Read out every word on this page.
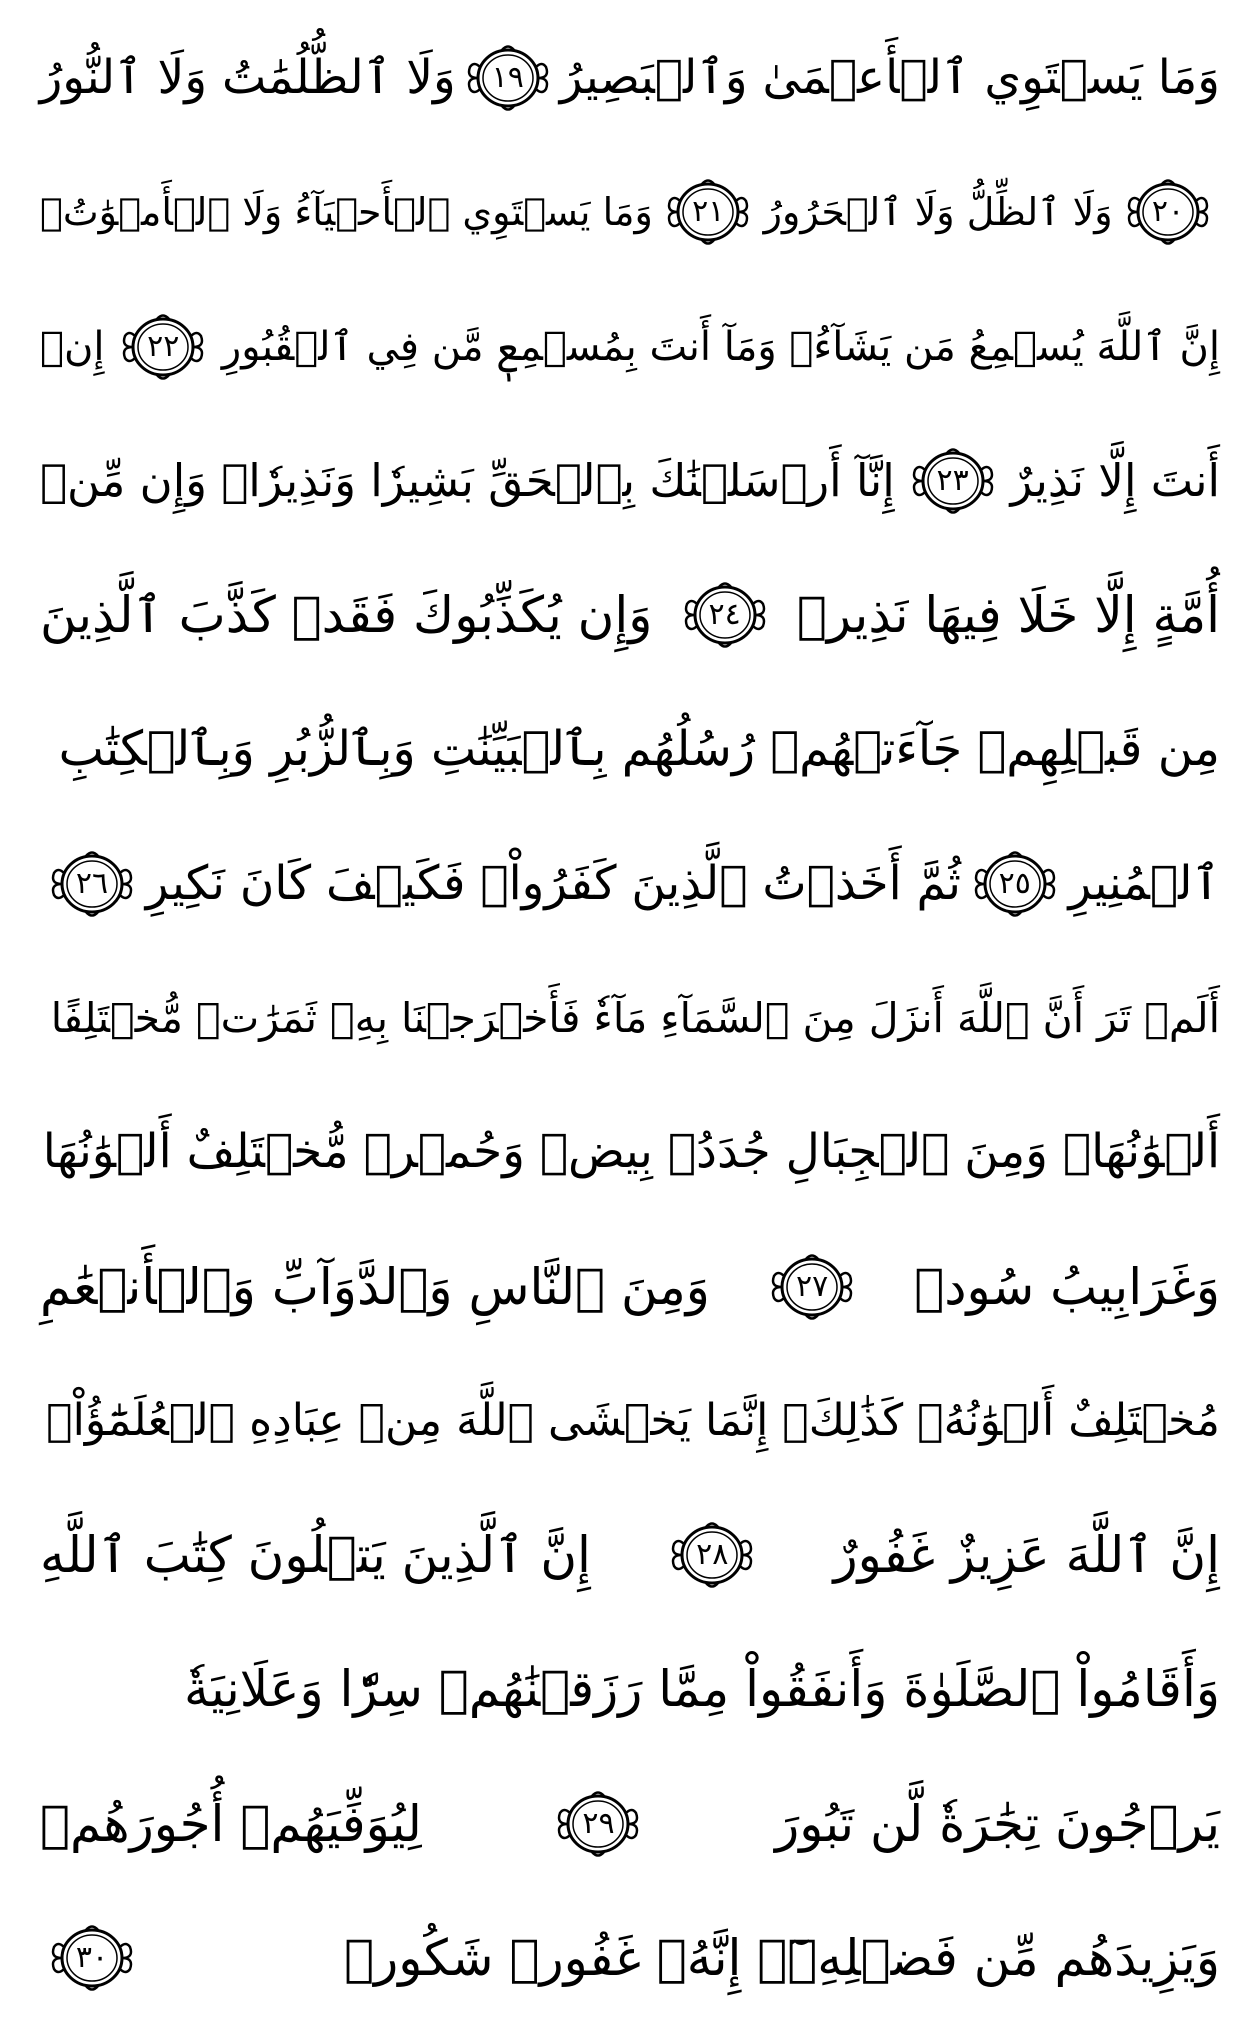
وَمَا يَسۡتَوِي ٱلۡأَعۡمَىٰ وَٱلۡبَصِيرُ
١٩
وَلَا ٱلظُّلُمَٰتُ وَلَا ٱلنُّورُ
٢٠
وَلَا ٱلظِّلُّ وَلَا ٱلۡحَرُورُ
٢١
وَمَا يَسۡتَوِي ٱلۡأَحۡيَآءُ وَلَا ٱلۡأَمۡوَٰتُۚ
إِنَّ ٱللَّهَ يُسۡمِعُ مَن يَشَآءُۖ وَمَآ أَنتَ بِمُسۡمِعٖ مَّن فِي ٱلۡقُبُورِ
٢٢
إِنۡ
أَنتَ إِلَّا نَذِيرٌ
٢٣
إِنَّآ أَرۡسَلۡنَٰكَ بِٱلۡحَقِّ بَشِيرٗا وَنَذِيرٗاۚ وَإِن مِّنۡ
أُمَّةٍ إِلَّا خَلَا فِيهَا نَذِيرٞ
٢٤
وَإِن يُكَذِّبُوكَ فَقَدۡ كَذَّبَ ٱلَّذِينَ
مِن قَبۡلِهِمۡ جَآءَتۡهُمۡ رُسُلُهُم بِٱلۡبَيِّنَٰتِ وَبِٱلزُّبُرِ وَبِٱلۡكِتَٰبِ
ٱلۡمُنِيرِ
٢٥
ثُمَّ أَخَذۡتُ ٱلَّذِينَ كَفَرُواْۖ فَكَيۡفَ كَانَ نَكِيرِ
٢٦
أَلَمۡ تَرَ أَنَّ ٱللَّهَ أَنزَلَ مِنَ ٱلسَّمَآءِ مَآءٗ فَأَخۡرَجۡنَا بِهِۦ ثَمَرَٰتٖ مُّخۡتَلِفًا
أَلۡوَٰنُهَاۚ وَمِنَ ٱلۡجِبَالِ جُدَدُۢ بِيضٞ وَحُمۡرٞ مُّخۡتَلِفٌ أَلۡوَٰنُهَا
وَغَرَابِيبُ سُودٞ
٢٧
وَمِنَ ٱلنَّاسِ وَٱلدَّوَآبِّ وَٱلۡأَنۡعَٰمِ
مُخۡتَلِفٌ أَلۡوَٰنُهُۥ كَذَٰلِكَۗ إِنَّمَا يَخۡشَى ٱللَّهَ مِنۡ عِبَادِهِ ٱلۡعُلَمَٰٓؤُاْۗ
إِنَّ ٱللَّهَ عَزِيزٌ غَفُورٌ
٢٨
إِنَّ ٱلَّذِينَ يَتۡلُونَ كِتَٰبَ ٱللَّهِ
وَأَقَامُواْ ٱلصَّلَوٰةَ وَأَنفَقُواْ مِمَّا رَزَقۡنَٰهُمۡ سِرّٗا وَعَلَانِيَةٗ
يَرۡجُونَ تِجَٰرَةٗ لَّن تَبُورَ
٢٩
لِيُوَفِّيَهُمۡ أُجُورَهُمۡ
وَيَزِيدَهُم مِّن فَضۡلِهِۦٓۚ إِنَّهُۥ غَفُورٞ شَكُورٞ
٣٠
